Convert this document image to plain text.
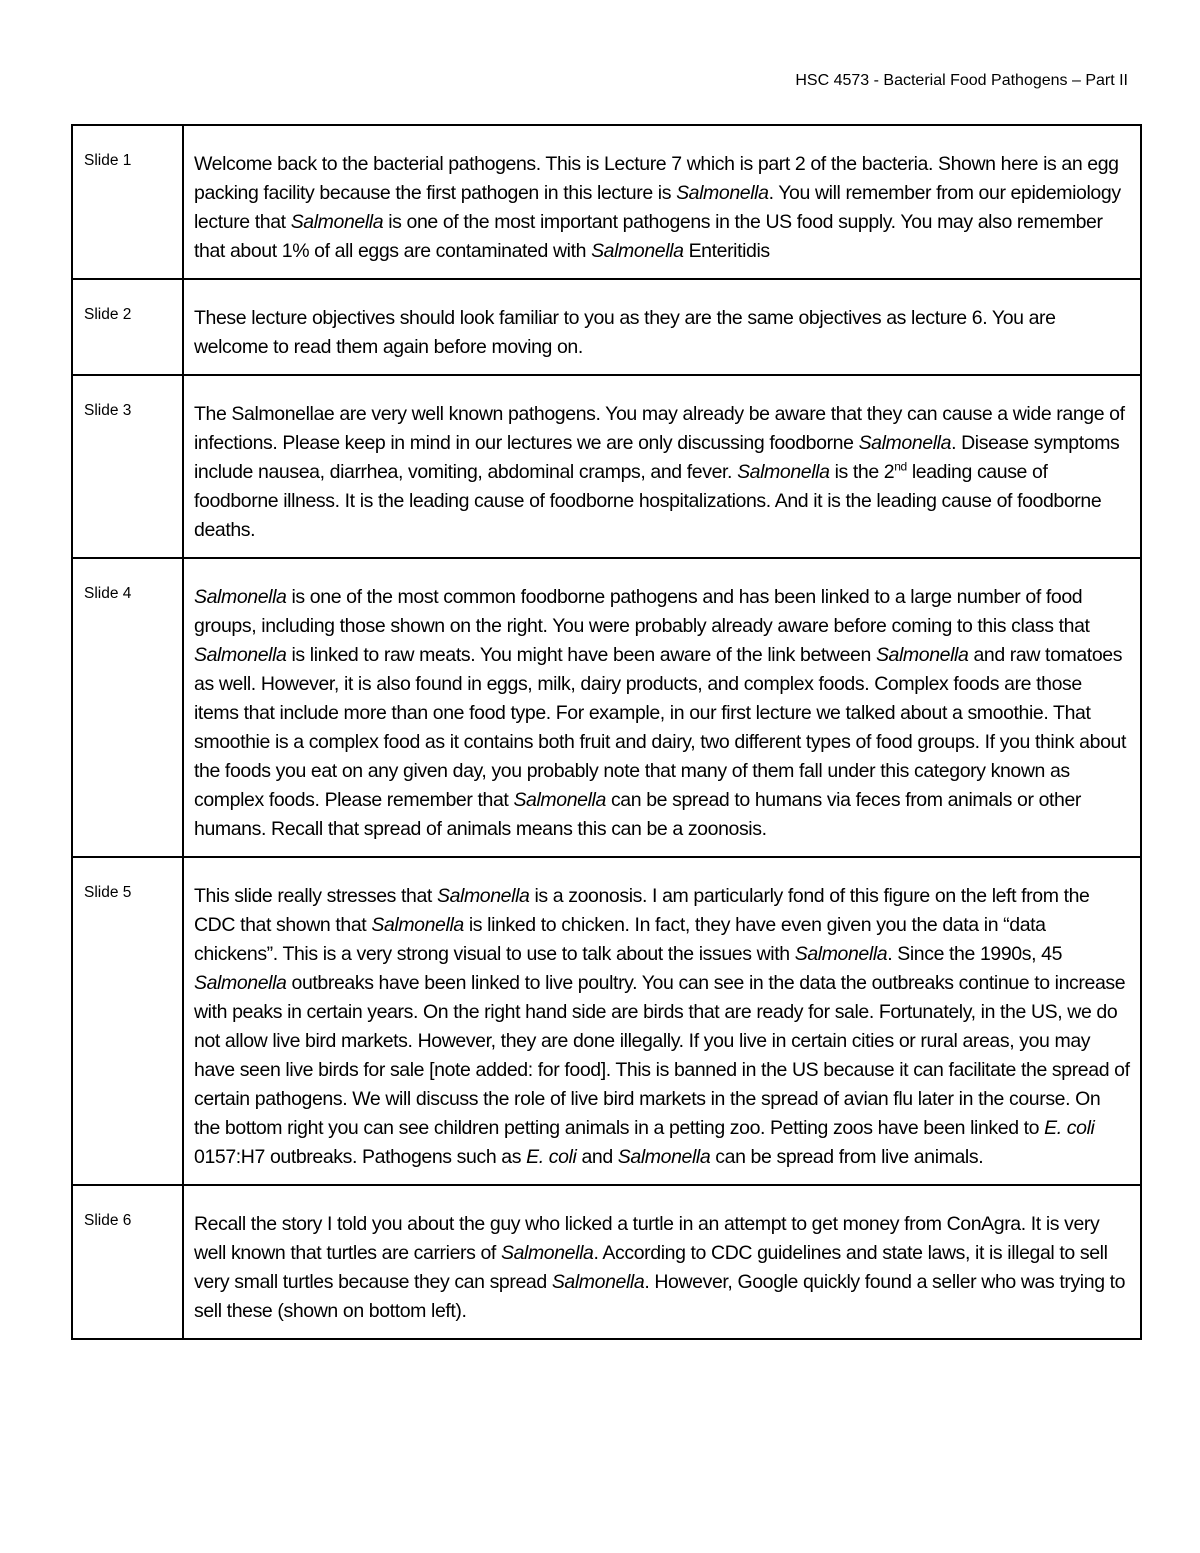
HSC 4573 - Bacterial Food Pathogens – Part II
Slide 1	Welcome back to the bacterial pathogens. This is Lecture 7 which is part 2 of the bacteria. Shown here is an egg packing facility because the first pathogen in this lecture is Salmonella. You will remember from our epidemiology lecture that Salmonella is one of the most important pathogens in the US food supply. You may also remember that about 1% of all eggs are contaminated with Salmonella Enteritidis
Slide 2	These lecture objectives should look familiar to you as they are the same objectives as lecture 6. You are welcome to read them again before moving on.
Slide 3	The Salmonellae are very well known pathogens. You may already be aware that they can cause a wide range of infections. Please keep in mind in our lectures we are only discussing foodborne Salmonella. Disease symptoms include nausea, diarrhea, vomiting, abdominal cramps, and fever. Salmonella is the 2nd leading cause of foodborne illness. It is the leading cause of foodborne hospitalizations. And it is the leading cause of foodborne deaths.
Slide 4	Salmonella is one of the most common foodborne pathogens and has been linked to a large number of food groups, including those shown on the right. You were probably already aware before coming to this class that Salmonella is linked to raw meats. You might have been aware of the link between Salmonella and raw tomatoes as well. However, it is also found in eggs, milk, dairy products, and complex foods. Complex foods are those items that include more than one food type. For example, in our first lecture we talked about a smoothie. That smoothie is a complex food as it contains both fruit and dairy, two different types of food groups. If you think about the foods you eat on any given day, you probably note that many of them fall under this category known as complex foods. Please remember that Salmonella can be spread to humans via feces from animals or other humans. Recall that spread of animals means this can be a zoonosis.
Slide 5	This slide really stresses that Salmonella is a zoonosis. I am particularly fond of this figure on the left from the CDC that shown that Salmonella is linked to chicken. In fact, they have even given you the data in “data chickens”. This is a very strong visual to use to talk about the issues with Salmonella. Since the 1990s, 45 Salmonella outbreaks have been linked to live poultry. You can see in the data the outbreaks continue to increase with peaks in certain years. On the right hand side are birds that are ready for sale. Fortunately, in the US, we do not allow live bird markets. However, they are done illegally. If you live in certain cities or rural areas, you may have seen live birds for sale [note added: for food]. This is banned in the US because it can facilitate the spread of certain pathogens. We will discuss the role of live bird markets in the spread of avian flu later in the course. On the bottom right you can see children petting animals in a petting zoo. Petting zoos have been linked to E. coli 0157:H7 outbreaks. Pathogens such as E. coli and Salmonella can be spread from live animals.
Slide 6	Recall the story I told you about the guy who licked a turtle in an attempt to get money from ConAgra. It is very well known that turtles are carriers of Salmonella. According to CDC guidelines and state laws, it is illegal to sell very small turtles because they can spread Salmonella. However, Google quickly found a seller who was trying to sell these (shown on bottom left).
